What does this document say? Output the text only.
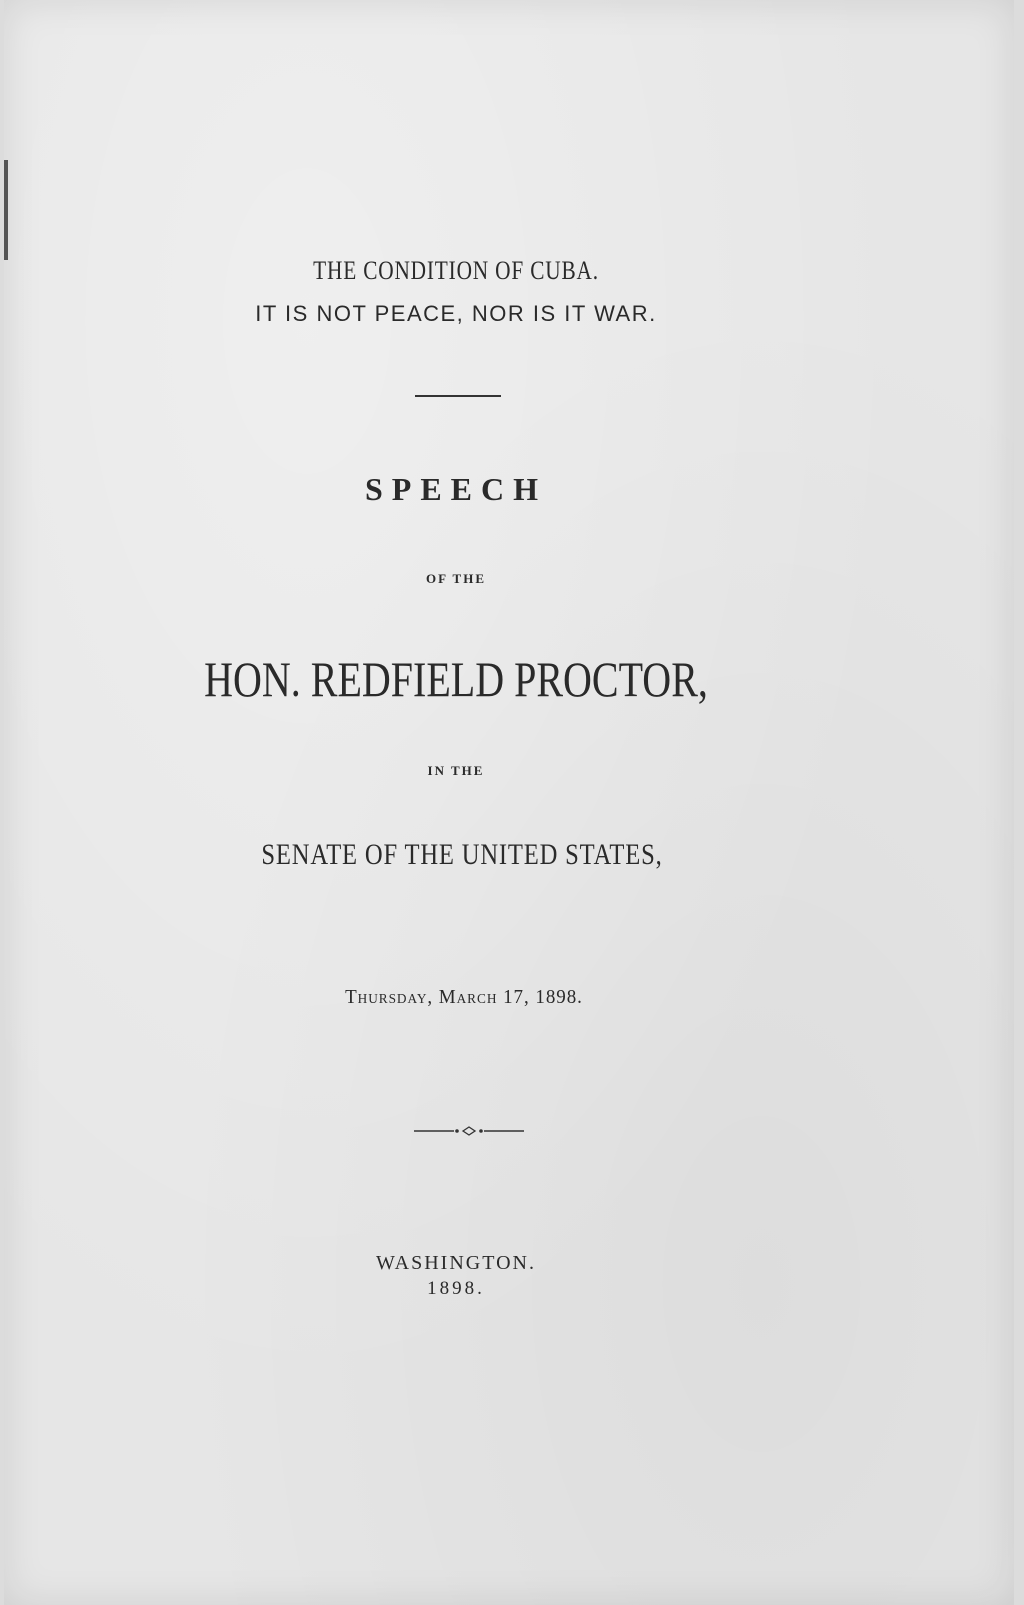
THE CONDITION OF CUBA.
IT IS NOT PEACE, NOR IS IT WAR.
SPEECH
OF THE
HON. REDFIELD PROCTOR,
IN THE
SENATE OF THE UNITED STATES,
Thursday, March 17, 1898.
WASHINGTON.
1898.
